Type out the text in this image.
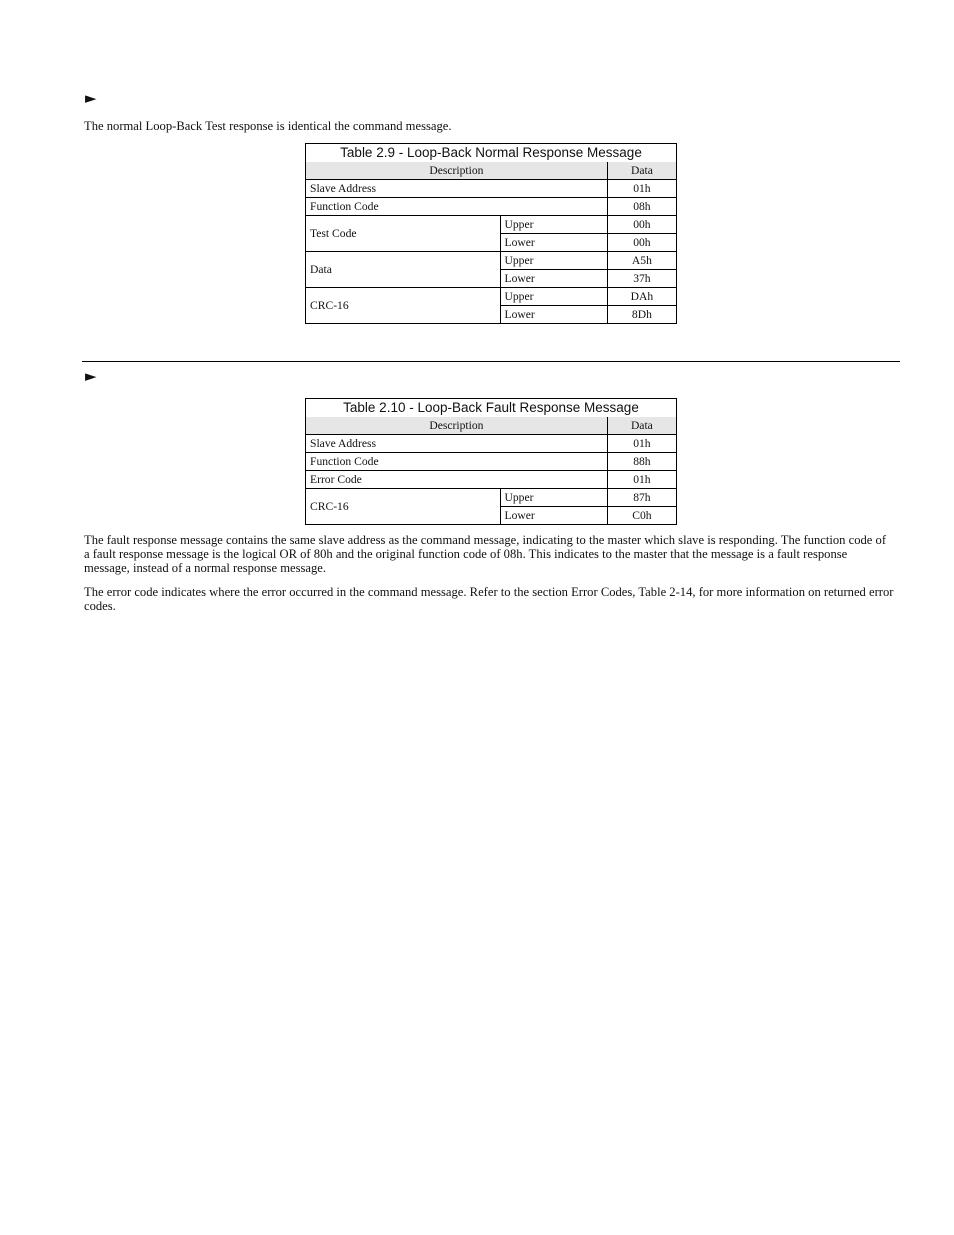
►

The normal Loop-Back Test response is identical the command message.

Table 2.9 - Loop-Back Normal Response Message		
Description		Data
Slave Address		01h
Function Code		08h
Test Code	Upper	00h
	Lower	00h
Data	Upper	A5h
	Lower	37h
CRC-16	Upper	DAh
	Lower	8Dh
►
Table 2.10 - Loop-Back Fault Response Message		
Description		Data
Slave Address		01h
Function Code		88h
Error Code		01h
CRC-16	Upper	87h
	Lower	C0h

The fault response message contains the same slave address as the command message, indicating to the master which slave is responding. The function code of a fault response message is the logical OR of 80h and the original function code of 08h. This indicates to the master that the message is a fault response message, instead of a normal response message.

The error code indicates where the error occurred in the command message. Refer to the section Error Codes, Table 2-14, for more information on returned error codes.
